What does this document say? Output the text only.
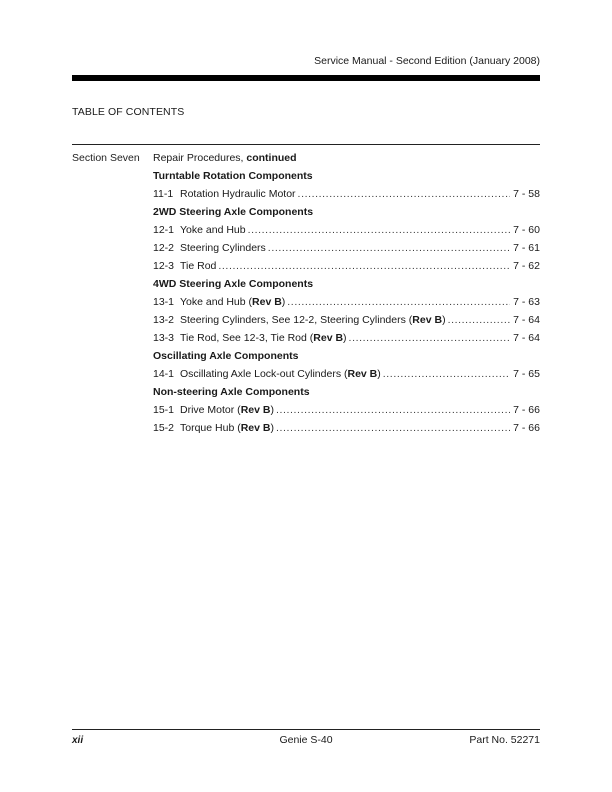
Service Manual - Second Edition (January 2008)
TABLE OF CONTENTS
Section Seven Repair Procedures, continued
Turntable Rotation Components
11-1 Rotation Hydraulic Motor .....	7 - 58
2WD Steering Axle Components
12-1 Yoke and Hub .....	7 - 60
12-2 Steering Cylinders .....	7 - 61
12-3 Tie Rod .....	7 - 62
4WD Steering Axle Components
13-1 Yoke and Hub (Rev B) .....	7 - 63
13-2 Steering Cylinders, See 12-2, Steering Cylinders (Rev B) .....	7 - 64
13-3 Tie Rod, See 12-3, Tie Rod (Rev B) .....	7 - 64
Oscillating Axle Components
14-1 Oscillating Axle Lock-out Cylinders (Rev B) .....	7 - 65
Non-steering Axle Components
15-1 Drive Motor (Rev B) .....	7 - 66
15-2 Torque Hub (Rev B) .....	7 - 66
xii	Genie S-40	Part No. 52271
